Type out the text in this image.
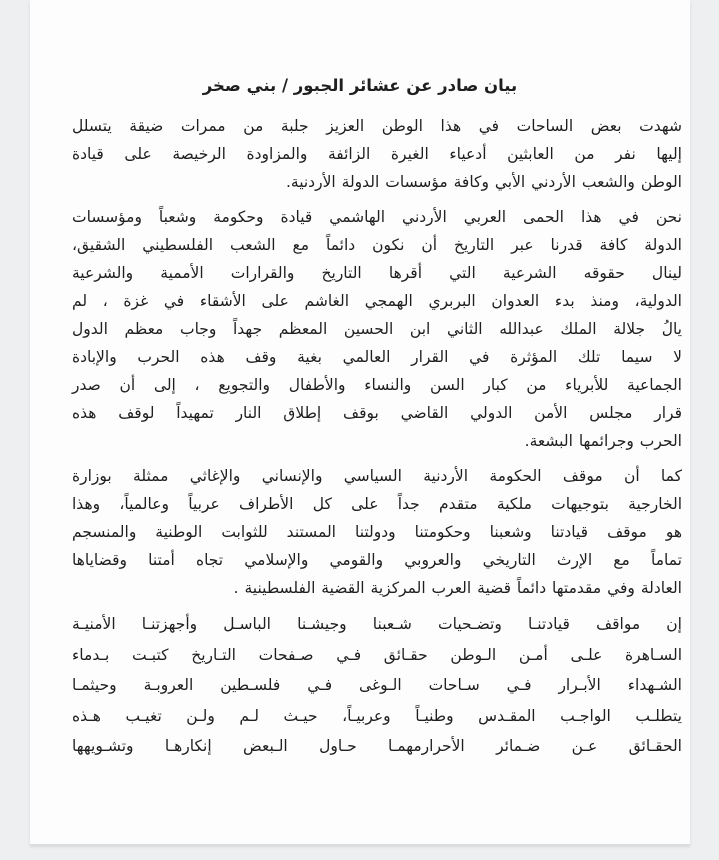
بيان صادر عن عشائر الجبور / بني صخر
شهدت بعض الساحات في هذا الوطن العزيز جلبة من ممرات ضيقة يتسلل
إليها نفر من العابثين أدعياء الغيرة الزائفة والمزاودة الرخيصة على قيادة
الوطن والشعب الأردني الأبي وكافة مؤسسات الدولة الأردنية.
نحن في هذا الحمى العربي الأردني الهاشمي قيادة وحكومة وشعباً ومؤسسات
الدولة كافة قدرنا عبر التاريخ أن نكون دائماً مع الشعب الفلسطيني الشقيق،
لينال حقوقه الشرعية التي أقرها التاريخ والقرارات الأممية والشرعية
الدولية، ومنذ بدء العدوان البربري الهمجي الغاشم على الأشقاء في غزة ، لم
يالُ جلالة الملك عبدالله الثاني ابن الحسين المعظم جهداً وجاب معظم الدول
لا سيما تلك المؤثرة في القرار العالمي بغية وقف هذه الحرب والإبادة
الجماعية للأبرياء من كبار السن والنساء والأطفال والتجويع ، إلى أن صدر
قرار مجلس الأمن الدولي القاضي بوقف إطلاق النار تمهيداً لوقف هذه
الحرب وجرائمها البشعة.
كما أن موقف الحكومة الأردنية السياسي والإنساني والإغاثي ممثلة بوزارة
الخارجية بتوجيهات ملكية متقدم جداً على كل الأطراف عربياً وعالمياً، وهذا
هو موقف قيادتنا وشعبنا وحكومتنا ودولتنا المستند للثوابت الوطنية والمنسجم
تماماً مع الإرث التاريخي والعروبي والقومي والإسلامي تجاه أمتنا وقضاياها
العادلة وفي مقدمتها دائماً قضية العرب المركزية القضية الفلسطينية .
إن مواقف قيادتنـا وتضـحيات شـعبنا وجيشـنا الباسـل وأجهزتنـا الأمنيـة
السـاهرة علـى أمـن الـوطن حقـائق فـي صـفحات التـاريخ كتبـت بـدماء
الشـهداء الأبـرار فـي سـاحات الـوغى فـي فلسـطين العروبـة وحيثمـا
يتطلـب الواجـب المقـدس وطنيـاً وعربيـاً، حيـث لـم ولـن تغيـب هـذه
الحقـائق عـن ضـمائر الأحرارمهمـا حـاول الـبعض إنكارهـا وتشـويهها
